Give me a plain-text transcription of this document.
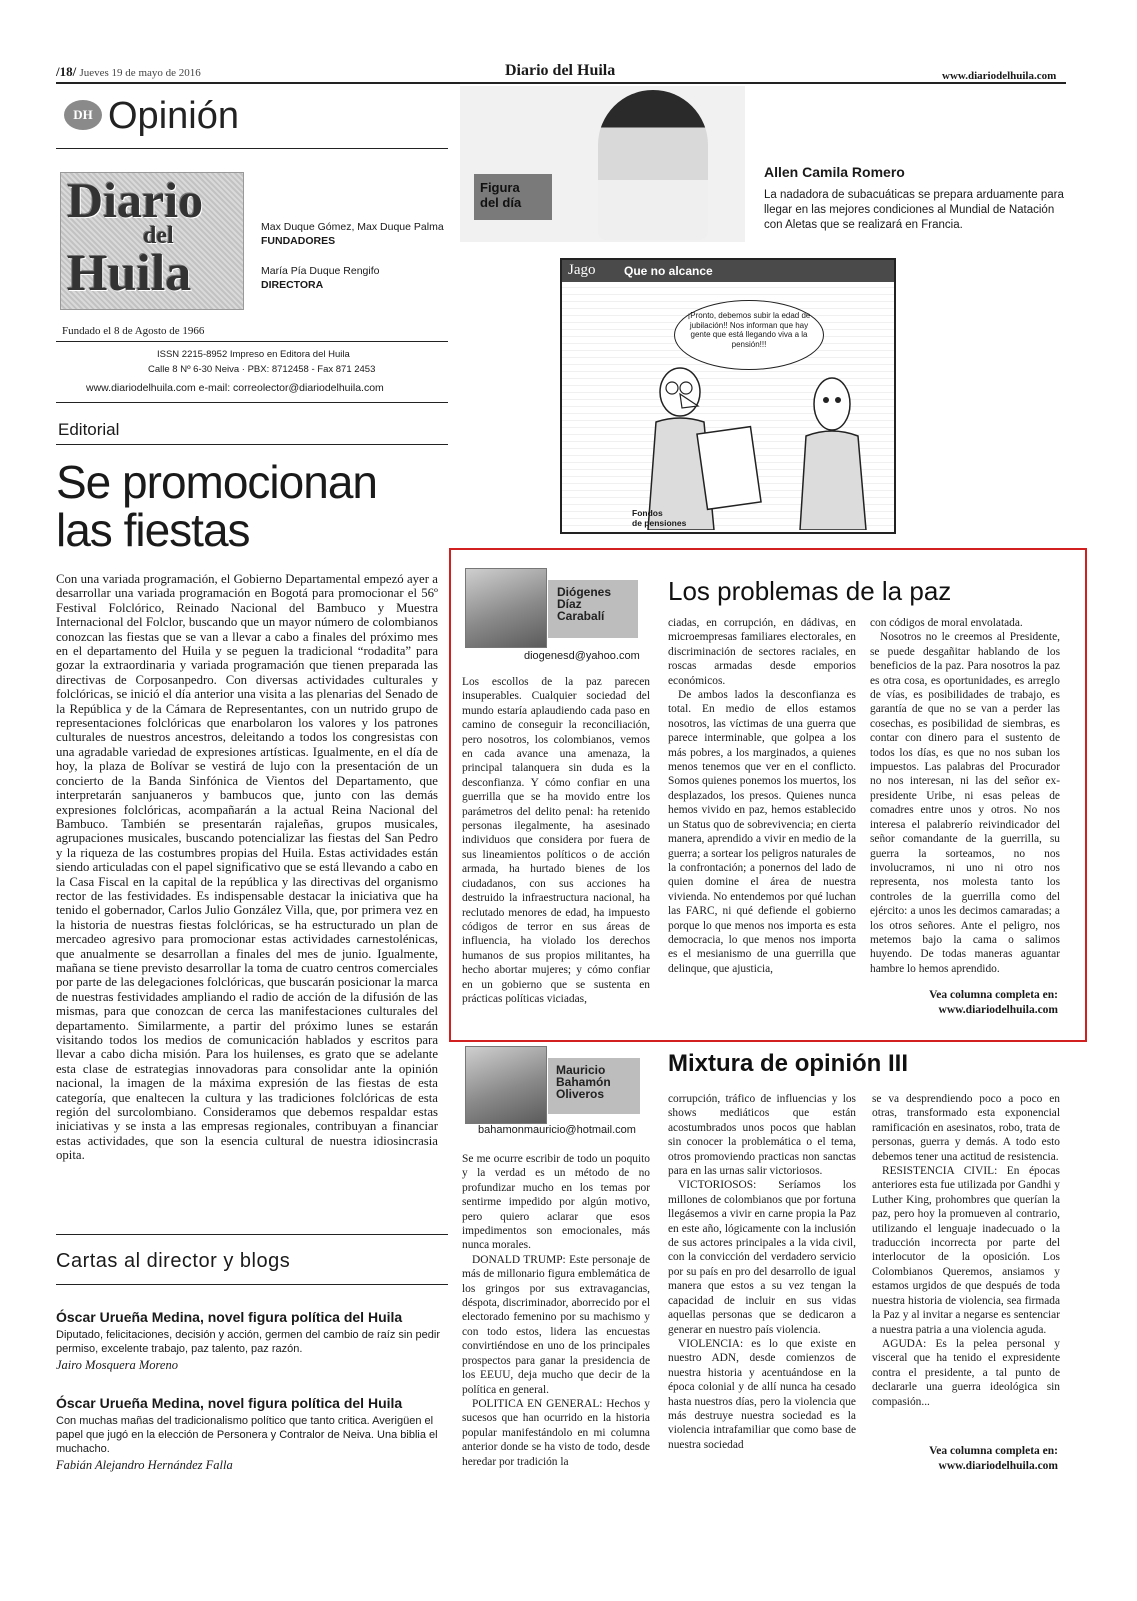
/18/ Jueves 19 de mayo de 2016	Diario del Huila	www.diariodelhuila.com
DH Opinión
Diario
del
Huila
Max Duque Gómez, Max Duque Palma
FUNDADORES
María Pía Duque Rengifo
DIRECTORA
Fundado el 8 de Agosto de 1966
ISSN 2215-8952 Impreso en Editora del Huila
Calle 8 Nº 6-30 Neiva · PBX: 8712458 - Fax 871 2453
www.diariodelhuila.com e-mail: correolector@diariodelhuila.com
Figura
del día
Allen Camila Romero
La nadadora de subacuáticas se prepara arduamente para llegar en las mejores condiciones al Mundial de Natación con Aletas que se realizará en Francia.
Jago Que no alcance
¡Pronto, debemos subir la edad de jubilación!! Nos informan que hay gente que está llegando viva a la pensión!!!
Fondos
de pensiones
Editorial
Se promocionan
las fiestas

Con una variada programación, el Gobierno Departamental empezó ayer a desarrollar una variada programación en Bogotá para promocionar el 56º Festival Folclórico, Reinado Nacional del Bambuco y Muestra Internacional del Folclor, buscando que un mayor número de colombianos conozcan las fiestas que se van a llevar a cabo a finales del próximo mes en el departamento del Huila y se peguen la tradicional “rodadita” para gozar la extraordinaria y variada programación que tienen preparada las directivas de Corposanpedro. Con diversas actividades culturales y folclóricas, se inició el día anterior una visita a las plenarias del Senado de la República y de la Cámara de Representantes, con un nutrido grupo de representaciones folclóricas que enarbolaron los valores y los patrones culturales de nuestros ancestros, deleitando a todos los congresistas con una agradable variedad de expresiones artísticas. Igualmente, en el día de hoy, la plaza de Bolívar se vestirá de lujo con la presentación de un concierto de la Banda Sinfónica de Vientos del Departamento, que interpretarán sanjuaneros y bambucos que, junto con las demás expresiones folclóricas, acompañarán a la actual Reina Nacional del Bambuco. También se presentarán rajaleñas, grupos musicales, agrupaciones musicales, buscando potencializar las fiestas del San Pedro y la riqueza de las costumbres propias del Huila. Estas actividades están siendo articuladas con el papel significativo que se está llevando a cabo en la Casa Fiscal en la capital de la república y las directivas del organismo rector de las festividades. Es indispensable destacar la iniciativa que ha tenido el gobernador, Carlos Julio González Villa, que, por primera vez en la historia de nuestras fiestas folclóricas, se ha estructurado un plan de mercadeo agresivo para promocionar estas actividades carnestolénicas, que anualmente se desarrollan a finales del mes de junio. Igualmente, mañana se tiene previsto desarrollar la toma de cuatro centros comerciales por parte de las delegaciones folclóricas, que buscarán posicionar la marca de nuestras festividades ampliando el radio de acción de la difusión de las mismas, para que conozcan de cerca las manifestaciones culturales del departamento. Similarmente, a partir del próximo lunes se estarán visitando todos los medios de comunicación hablados y escritos para llevar a cabo dicha misión. Para los huilenses, es grato que se adelante esta clase de estrategias innovadoras para consolidar ante la opinión nacional, la imagen de la máxima expresión de las fiestas de esta categoría, que enaltecen la cultura y las tradiciones folclóricas de esta región del surcolombiano. Consideramos que debemos respaldar estas iniciativas y se insta a las empresas regionales, contribuyan a financiar estas actividades, que son la esencia cultural de nuestra idiosincrasia opita.

Cartas al director y blogs
Óscar Urueña Medina, novel figura política del Huila
Diputado, felicitaciones, decisión y acción, germen del cambio de raíz sin pedir permiso, excelente trabajo, paz talento, paz razón.
Jairo Mosquera Moreno
Óscar Urueña Medina, novel figura política del Huila
Con muchas mañas del tradicionalismo político que tanto critica. Averigüen el papel que jugó en la elección de Personera y Contralor de Neiva. Una biblia el muchacho.
Fabián Alejandro Hernández Falla
Diógenes
Díaz
Carabalí
diogenesd@yahoo.com
Los problemas de la paz
Los escollos de la paz parecen insuperables. Cualquier sociedad del mundo estaría aplaudiendo cada paso en camino de conseguir la reconciliación, pero nosotros, los colombianos, vemos en cada avance una amenaza, la principal talanquera sin duda es la desconfianza. Y cómo confiar en una guerrilla que se ha movido entre los parámetros del delito penal: ha retenido personas ilegalmente, ha asesinado individuos que considera por fuera de sus lineamientos políticos o de acción armada, ha hurtado bienes de los ciudadanos, con sus acciones ha destruido la infraestructura nacional, ha reclutado menores de edad, ha impuesto códigos de terror en sus áreas de influencia, ha violado los derechos humanos de sus propios militantes, ha hecho abortar mujeres; y cómo confiar en un gobierno que se sustenta en prácticas políticas viciadas,
ciadas, en corrupción, en dádivas, en microempresas familiares electorales, en discriminación de sectores raciales, en roscas armadas desde emporios económicos.
De ambos lados la desconfianza es total. En medio de ellos estamos nosotros, las víctimas de una guerra que parece interminable, que golpea a los más pobres, a los marginados, a quienes menos tenemos que ver en el conflicto. Somos quienes ponemos los muertos, los desplazados, los presos. Quienes nunca hemos vivido en paz, hemos establecido un Status quo de sobrevivencia; en cierta manera, aprendido a vivir en medio de la guerra; a sortear los peligros naturales de la confrontación; a ponernos del lado de quien domine el área de nuestra vivienda. No entendemos por qué luchan las FARC, ni qué defiende el gobierno porque lo que menos nos importa es esta democracia, lo que menos nos importa es el mesianismo de una guerrilla que delinque, que ajusticia,
con códigos de moral envolatada.
Nosotros no le creemos al Presidente, se puede desgañitar hablando de los beneficios de la paz. Para nosotros la paz es otra cosa, es oportunidades, es arreglo de vías, es posibilidades de trabajo, es garantía de que no se van a perder las cosechas, es posibilidad de siembras, es contar con dinero para el sustento de todos los días, es que no nos suban los impuestos. Las palabras del Procurador no nos interesan, ni las del señor ex-presidente Uribe, ni esas peleas de comadres entre unos y otros. No nos interesa el palabrerío reivindicador del señor comandante de la guerrilla, su guerra la sorteamos, no nos involucramos, ni uno ni otro nos representa, nos molesta tanto los controles de la guerrilla como del ejército: a unos les decimos camaradas; a los otros señores. Ante el peligro, nos metemos bajo la cama o salimos huyendo. De todas maneras aguantar hambre lo hemos aprendido.
Vea columna completa en:
www.diariodelhuila.com
Mauricio
Bahamón
Oliveros
bahamonmauricio@hotmail.com
Mixtura de opinión III
Se me ocurre escribir de todo un poquito y la verdad es un método de no profundizar mucho en los temas por sentirme impedido por algún motivo, pero quiero aclarar que esos impedimentos son emocionales, más nunca morales.
DONALD TRUMP: Este personaje de más de millonario figura emblemática de los gringos por sus extravagancias, déspota, discriminador, aborrecido por el electorado femenino por su machismo y con todo estos, lidera las encuestas convirtiéndose en uno de los principales prospectos para ganar la presidencia de los EEUU, deja mucho que decir de la política en general.
POLITICA EN GENERAL: Hechos y sucesos que han ocurrido en la historia popular manifestándolo en mi columna anterior donde se ha visto de todo, desde heredar por tradición la
corrupción, tráfico de influencias y los shows mediáticos que están acostumbrados unos pocos que hablan sin conocer la problemática o el tema, otros promoviendo practicas non sanctas para en las urnas salir victoriosos.
VICTORIOSOS: Seríamos los millones de colombianos que por fortuna llegásemos a vivir en carne propia la Paz en este año, lógicamente con la inclusión de sus actores principales a la vida civil, con la convicción del verdadero servicio por su país en pro del desarrollo de igual manera que estos a su vez tengan la capacidad de incluir en sus vidas aquellas personas que se dedicaron a generar en nuestro país violencia.
VIOLENCIA: es lo que existe en nuestro ADN, desde comienzos de nuestra historia y acentuándose en la época colonial y de allí nunca ha cesado hasta nuestros días, pero la violencia que más destruye nuestra sociedad es la violencia intrafamiliar que como base de nuestra sociedad
se va desprendiendo poco a poco en otras, transformado esta exponencial ramificación en asesinatos, robo, trata de personas, guerra y demás. A todo esto debemos tener una actitud de resistencia.
RESISTENCIA CIVIL: En épocas anteriores esta fue utilizada por Gandhi y Luther King, prohombres que querían la paz, pero hoy la promueven al contrario, utilizando el lenguaje inadecuado o la traducción incorrecta por parte del interlocutor de la oposición. Los Colombianos Queremos, ansiamos y estamos urgidos de que después de toda nuestra historia de violencia, sea firmada la Paz y al invitar a negarse es sentenciar a nuestra patria a una violencia aguda.
AGUDA: Es la pelea personal y visceral que ha tenido el expresidente contra el presidente, a tal punto de declararle una guerra ideológica sin compasión...
Vea columna completa en:
www.diariodelhuila.com
